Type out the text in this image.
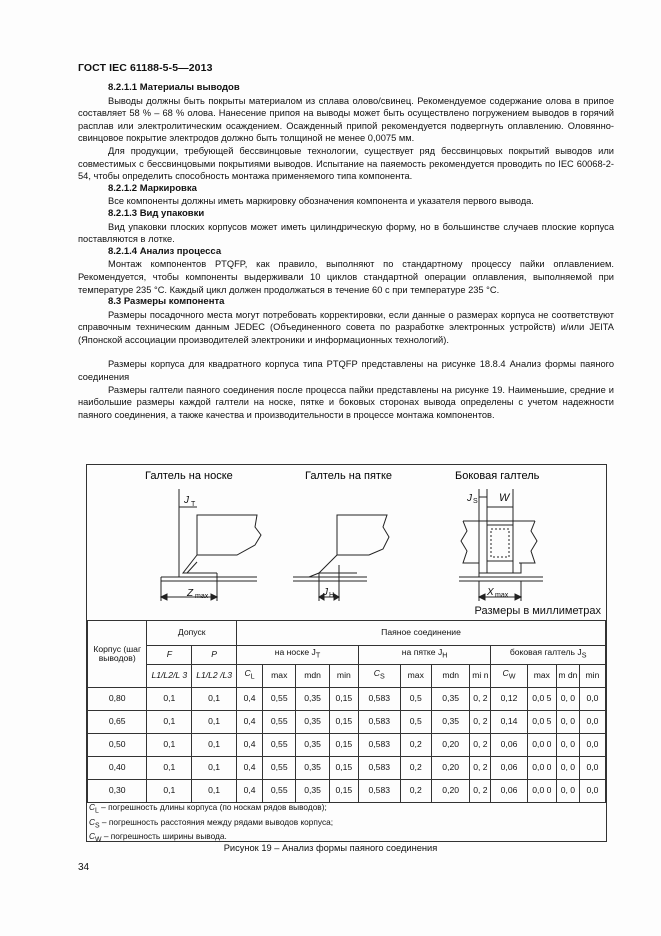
ГОСТ IEC 61188-5-5—2013
8.2.1.1 Материалы выводов

Выводы должны быть покрыты материалом из сплава олово/свинец. Рекомендуемое содержание олова в припое составляет 58 % – 68 % олова. Нанесение припоя на выводы может быть осуществлено погружением выводов в горячий расплав или электролитическим осаждением. Осажденный припой рекомендуется подвергнуть оплавлению. Оловянно-свинцовое покрытие электродов должно быть толщиной не менее 0,0075 мм.

Для продукции, требующей бессвинцовые технологии, существует ряд бессвинцовых покрытий выводов или совместимых с бессвинцовыми покрытиями выводов. Испытание на паяемость рекомендуется проводить по IEC 60068-2-54, чтобы определить способность монтажа применяемого типа компонента.

8.2.1.2 Маркировка

Все компоненты должны иметь маркировку обозначения компонента и указателя первого вывода.

8.2.1.3 Вид упаковки

Вид упаковки плоских корпусов может иметь цилиндрическую форму, но в большинстве случаев плоские корпуса поставляются в лотке.

8.2.1.4 Анализ процесса

Монтаж компонентов PTQFP, как правило, выполняют по стандартному процессу пайки оплавлением. Рекомендуется, чтобы компоненты выдерживали 10 циклов стандартной операции оплавления, выполняемой при температуре 235 °С. Каждый цикл должен продолжаться в течение 60 с при температуре 235 °С.

8.3 Размеры компонента

Размеры посадочного места могут потребовать корректировки, если данные о размерах корпуса не соответствуют справочным техническим данным JEDEC (Объединенного совета по разработке электронных устройств) и/или JEITA (Японской ассоциации производителей электроники и информационных технологий).

Размеры корпуса для квадратного корпуса типа PTQFP представлены на рисунке 18.8.4 Анализ формы паяного соединения

Размеры галтели паяного соединения после процесса пайки представлены на рисунке 19. Наименьшие, средние и наибольшие размеры каждой галтели на носке, пятке и боковых сторонах вывода определены с учетом надежности паяного соединения, а также качества и производительности в процессе монтажа компонентов.

Галтель на носке	Галтель на пятке	Боковая галтель
J T
Z max	J H
J S W
X max
Размеры в миллиметрах
Корпус (шаг выводов)	Допуск		Паяное соединение											
	F	P	на носке $J_T$				на пятке $J_H$				боковая галтель $J_S$
	L1/L2/L 3	L1/L2 /L3	$C_L$	max	mdn	min	$C_S$	max	mdn	mi n	$C_W$	max	m dn	min
0,80	0,1	0,1	0,4	0,55	0,35	0,15	0,583	0,5	0,35	0, 2	0,12	0,0 5	0, 0	0,0
0,65	0,1	0,1	0,4	0,55	0,35	0,15	0,583	0,5	0,35	0, 2	0,14	0,0 5	0, 0	0,0
0,50	0,1	0,1	0,4	0,55	0,35	0,15	0,583	0,2	0,20	0, 2	0,06	0,0 0	0, 0	0,0
0,40	0,1	0,1	0,4	0,55	0,35	0,15	0,583	0,2	0,20	0, 2	0,06	0,0 0	0, 0	0,0
0,30	0,1	0,1	0,4	0,55	0,35	0,15	0,583	0,2	0,20	0, 2	0,06	0,0 0	0, 0	0,0
$C_L$ – погрешность длины корпуса (по носкам рядов выводов);
$C_S$ – погрешность расстояния между рядами выводов корпуса;
$C_W$ – погрешность ширины вывода.
Рисунок 19 – Анализ формы паяного соединения
34
